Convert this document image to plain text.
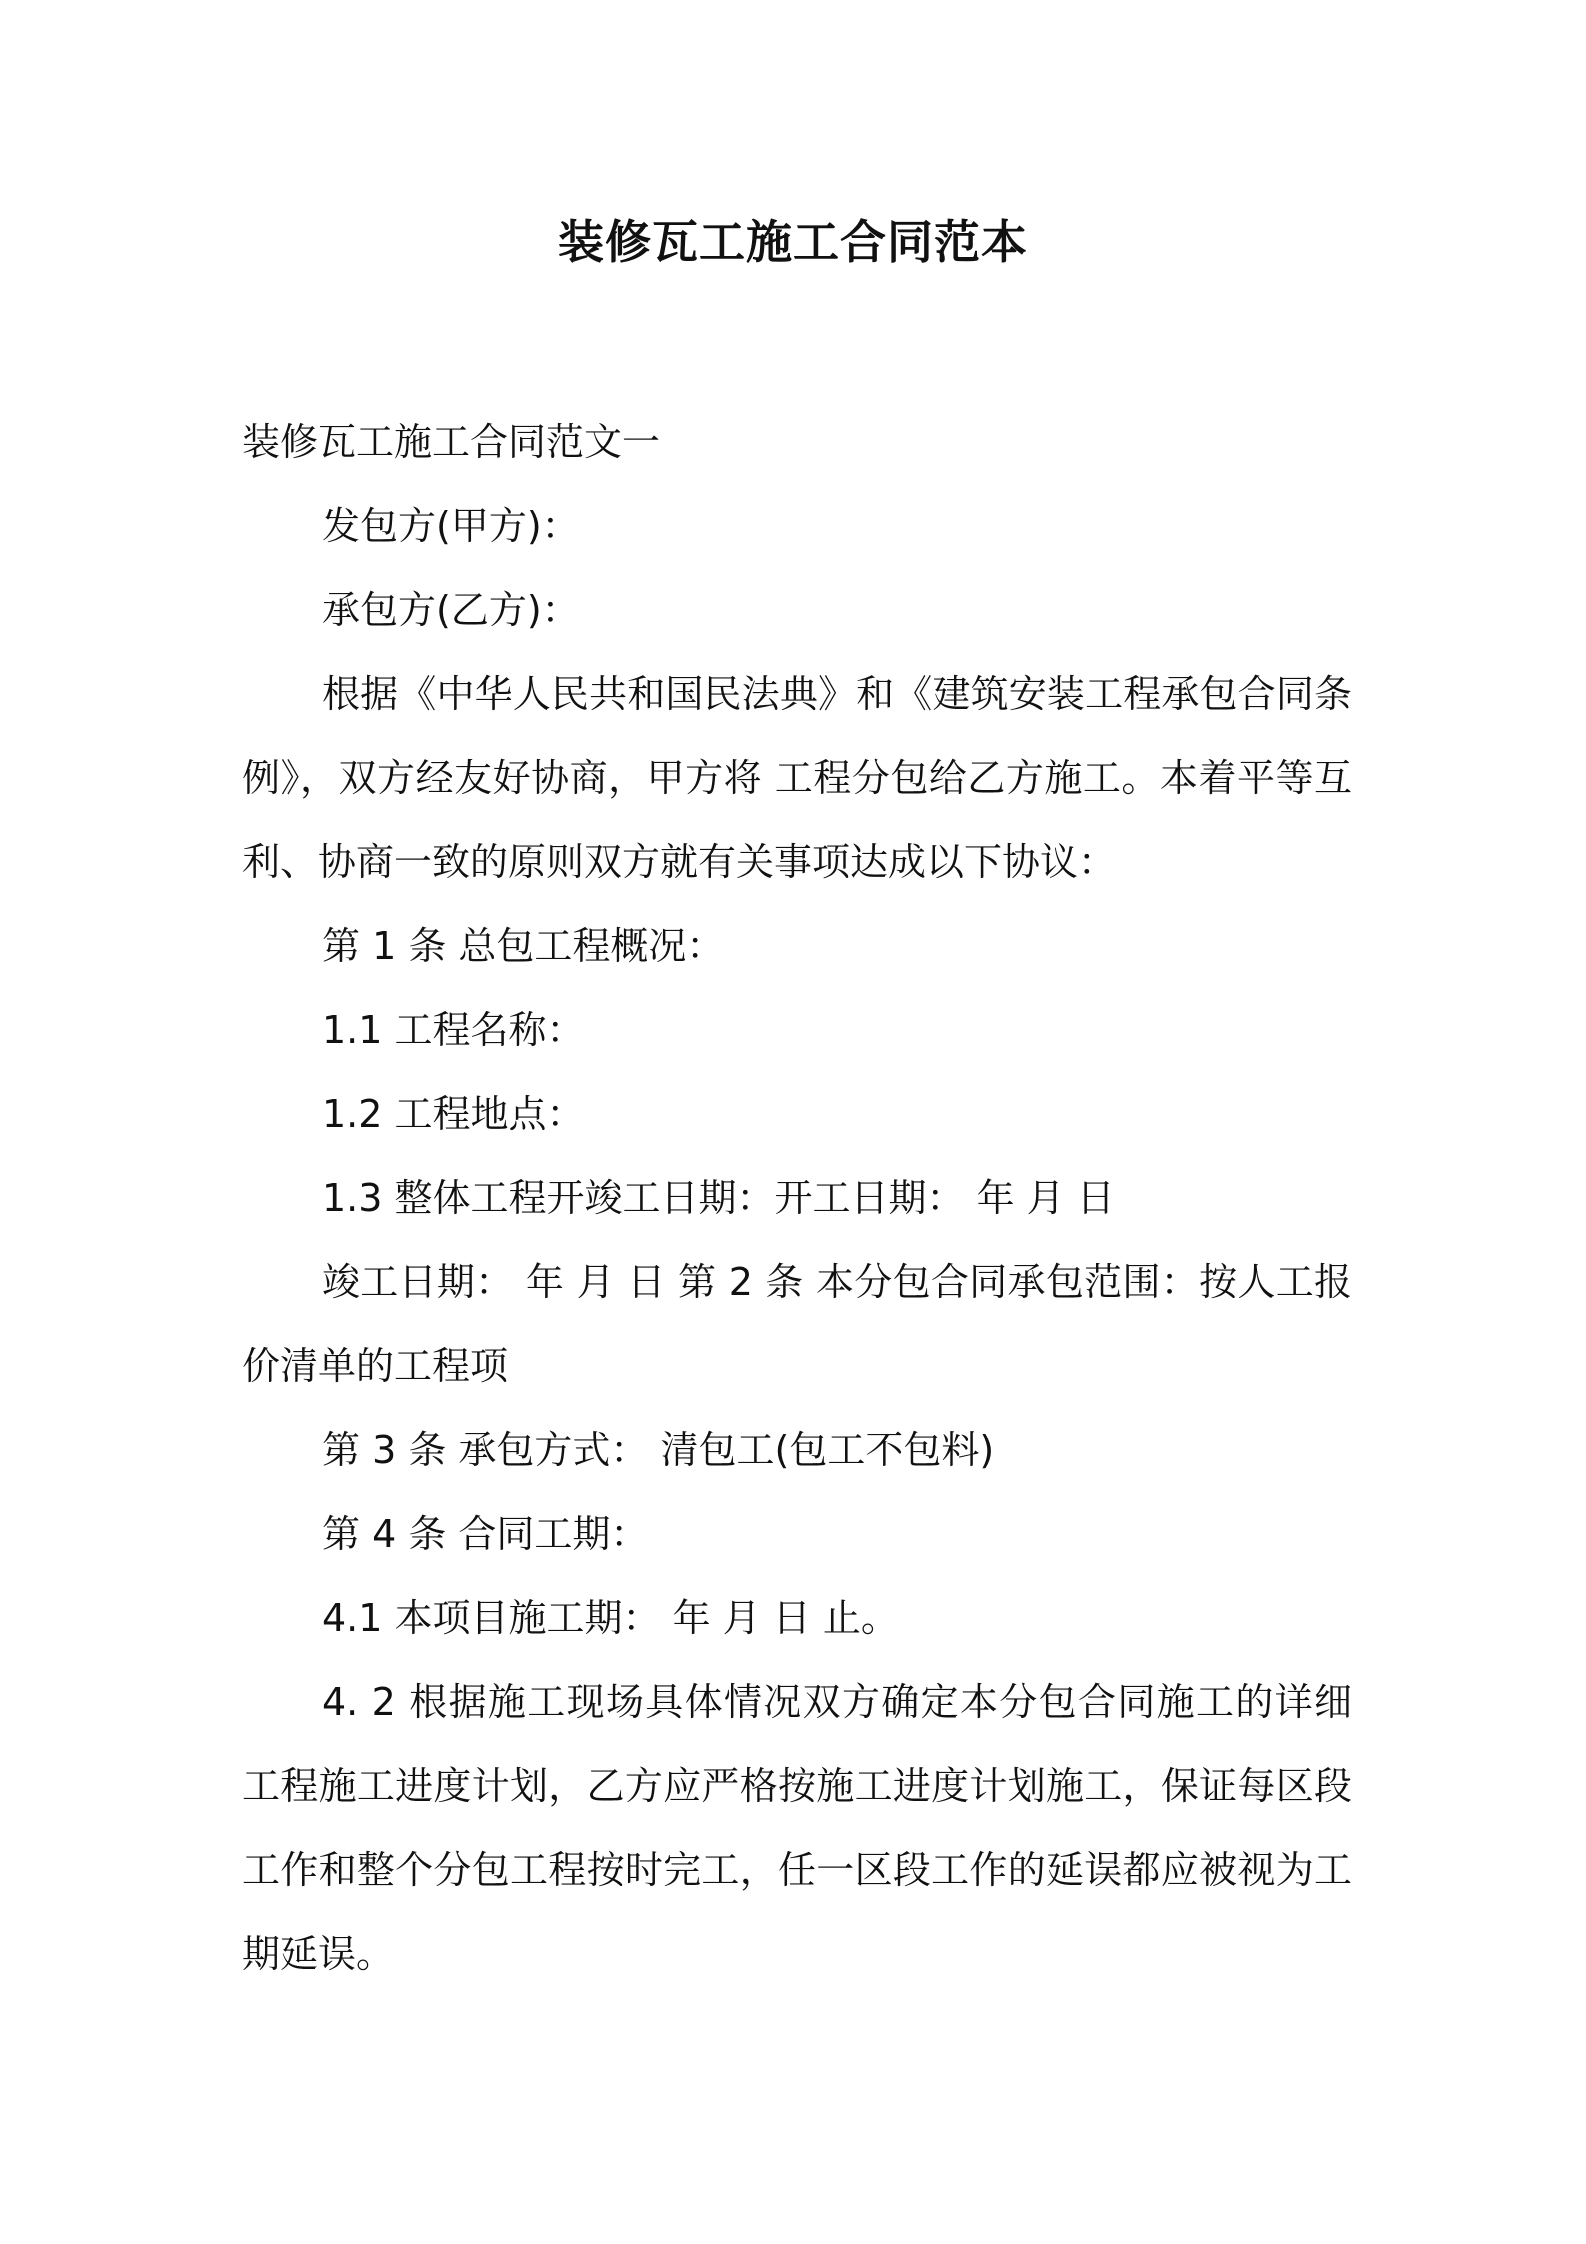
装修瓦工施工合同范本

装修瓦工施工合同范文一

发包方(甲方)：

承包方(乙方)：

根据《中华人民共和国民法典》和《建筑安装工程承包合同条例》，双方经友好协商，甲方将 工程分包给乙方施工。本着平等互利、协商一致的原则双方就有关事项达成以下协议：

第 1 条 总包工程概况：

1.1 工程名称：

1.2 工程地点：

1.3 整体工程开竣工日期：开工日期： 年 月 日

竣工日期： 年 月 日 第 2 条 本分包合同承包范围：按人工报价清单的工程项

第 3 条 承包方式： 清包工(包工不包料)

第 4 条 合同工期：

4.1 本项目施工期： 年 月 日 止。

4. 2 根据施工现场具体情况双方确定本分包合同施工的详细工程施工进度计划，乙方应严格按施工进度计划施工，保证每区段工作和整个分包工程按时完工，任一区段工作的延误都应被视为工期延误。
